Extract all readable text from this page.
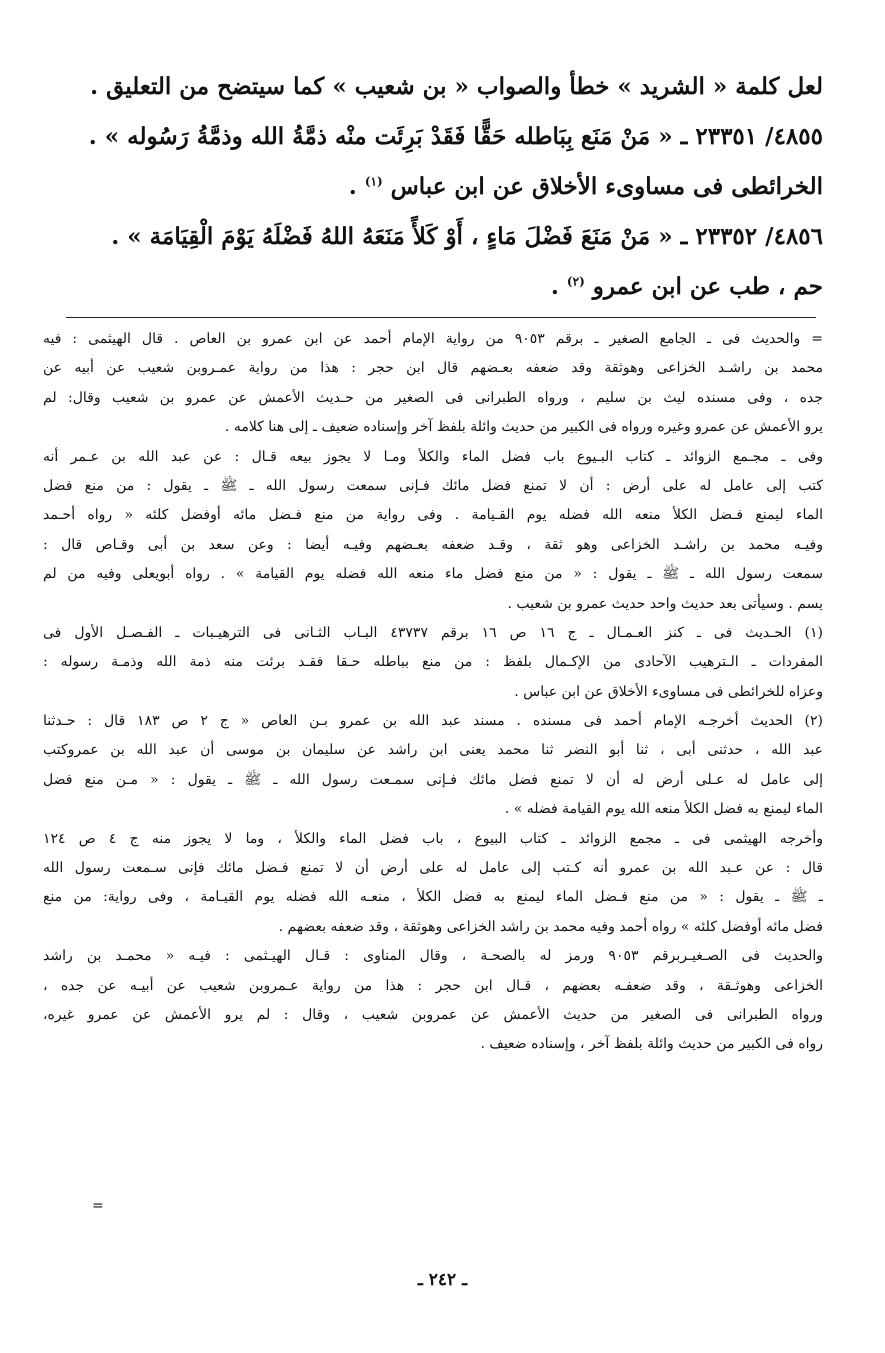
لعل كلمة « الشريد » خطأ والصواب « بن شعيب » كما سيتضح من التعليق .
٤٨٥٥/ ٢٣٣٥١ ـ « مَنْ مَنَع بِبَاطله حَقًّا فَقَدْ بَرِئَت منْه ذمَّةُ الله وذمَّةُ رَسُوله » .
الخرائطى فى مساوىء الأخلاق عن ابن عباس $^{(١)}$ .
٤٨٥٦/ ٢٣٣٥٢ ـ « مَنْ مَنَعَ فَضْلَ مَاءٍ ، أَوْ كَلأً مَنَعَهُ اللهُ فَضْلَهُ يَوْمَ الْقِيَامَة » .
حم ، طب عن ابن عمرو $^{(٢)}$ .
= والحديث فى ـ الجامع الصغير ـ برقم ٩٠٥٣ من رواية الإمام أحمد عن ابن عمرو بن العاص . قال الهيثمى : فيه
محمد بن راشـد الخزاعى وهوثقة وقد ضعفه بعـضهم قال ابن حجر : هذا من رواية عمـروبن شعيب عن أبيه عن
جده ، وفى مسنده ليث بن سليم ، ورواه الطبرانى فى الصغير من حـديث الأعمش عن عمرو بن شعيب وقال: لم
يرو الأعمش عن عمرو وغيره ورواه فى الكبير من حديث وائلة بلفظ آخر وإسناده ضعيف ـ إلى هنا كلامه .
وفى ـ مجـمع الزوائد ـ كتاب البـيوع باب فضل الماء والكلأ ومـا لا يجوز بيعه قـال : عن عبد الله بن عـمر أنه
كتب إلى عامل له على أرض : أن لا تمنع فضل مائك فـإنى سمعت رسول الله ـ ﷺ ـ يقول : من منع فضل
الماء ليمنع فـضل الكلأ منعه الله فضله يوم القـيامة . وفى رواية من منع فـضل مائه أوفضل كلئه « رواه أحـمد
وفيـه محمد بن راشـد الخزاعى وهو ثقة ، وقـد ضعفه بعـضهم وفيـه أيضا : وعن سعد بن أبى وقـاص قال :
سمعت رسول الله ـ ﷺ ـ يقول : « من منع فضل ماء منعه الله فضله يوم القيامة » . رواه أبويعلى وفيه من لم
يسم . وسيأتى بعد حديث واحد حديث عمرو بن شعيب .
(١) الحـديث فى ـ كنز العـمـال ـ ج ١٦ ص ١٦ برقم ٤٣٧٣٧ البـاب الثـانى فى الترهيـبات ـ الفـصـل الأول فى
المفردات ـ الـترهيب الآحادى من الإكـمال بلفظ : من منع بباطله حـقا فقـد برئت منه ذمة الله وذمـة رسوله :
وعزاه للخرائطى فى مساوىء الأخلاق عن ابن عباس .
(٢) الحديث أخرجـه الإمام أحمد فى مسنده . مسند عبد الله بن عمرو بـن العاص « ج ٢ ص ١٨٣ قال : حـدثنا
عبد الله ، حدثنى أبى ، ثنا أبو النضر ثنا محمد يعنى ابن راشد عن سليمان بن موسى أن عبد الله بن عمروكتب
إلى عامل له عـلى أرض له أن لا تمنع فضل مائك فـإنى سمـعت رسول الله ـ ﷺ ـ يقول : « مـن منع فضل
الماء ليمنع به فضل الكلأ منعه الله يوم القيامة فضله » .
وأخرجه الهيثمى فى ـ مجمع الزوائد ـ كتاب البيوع ، باب فضل الماء والكلأ ، وما لا يجوز منه ج ٤ ص ١٢٤
قال : عن عـبد الله بن عمرو أنه كـتب إلى عامل له على أرض أن لا تمنع فـضل مائك فإنى سـمعت رسول الله
ـ ﷺ ـ يقول : « من منع فـضل الماء ليمنع به فضل الكلأ ، منعـه الله فضله يوم القيـامة ، وفى رواية: من منع
فضل مائه أوفضل كلئه » رواه أحمد وفيه محمد بن راشد الخزاعى وهوثقة ، وقد ضعفه بعضهم .
والحديث فى الصـغيـربرقم ٩٠٥٣ ورمز له بالصحـة ، وقال المناوى : قـال الهيـثمى : فيـه « محمـد بن راشد
الخزاعى وهوثـقة ، وقد ضعفـه بعضهم ، قـال ابن حجر : هذا من رواية عـمروبن شعيب عن أبيـه عن جده ،
ورواه الطبرانى فى الصغير من حديث الأعمش عن عمروبن شعيب ، وقال : لم يرو الأعمش عن عمرو غيره،
رواه فى الكبير من حديث وائلة بلفظ آخر ، وإسناده ضعيف .
=
ـ ٢٤٢ ـ
